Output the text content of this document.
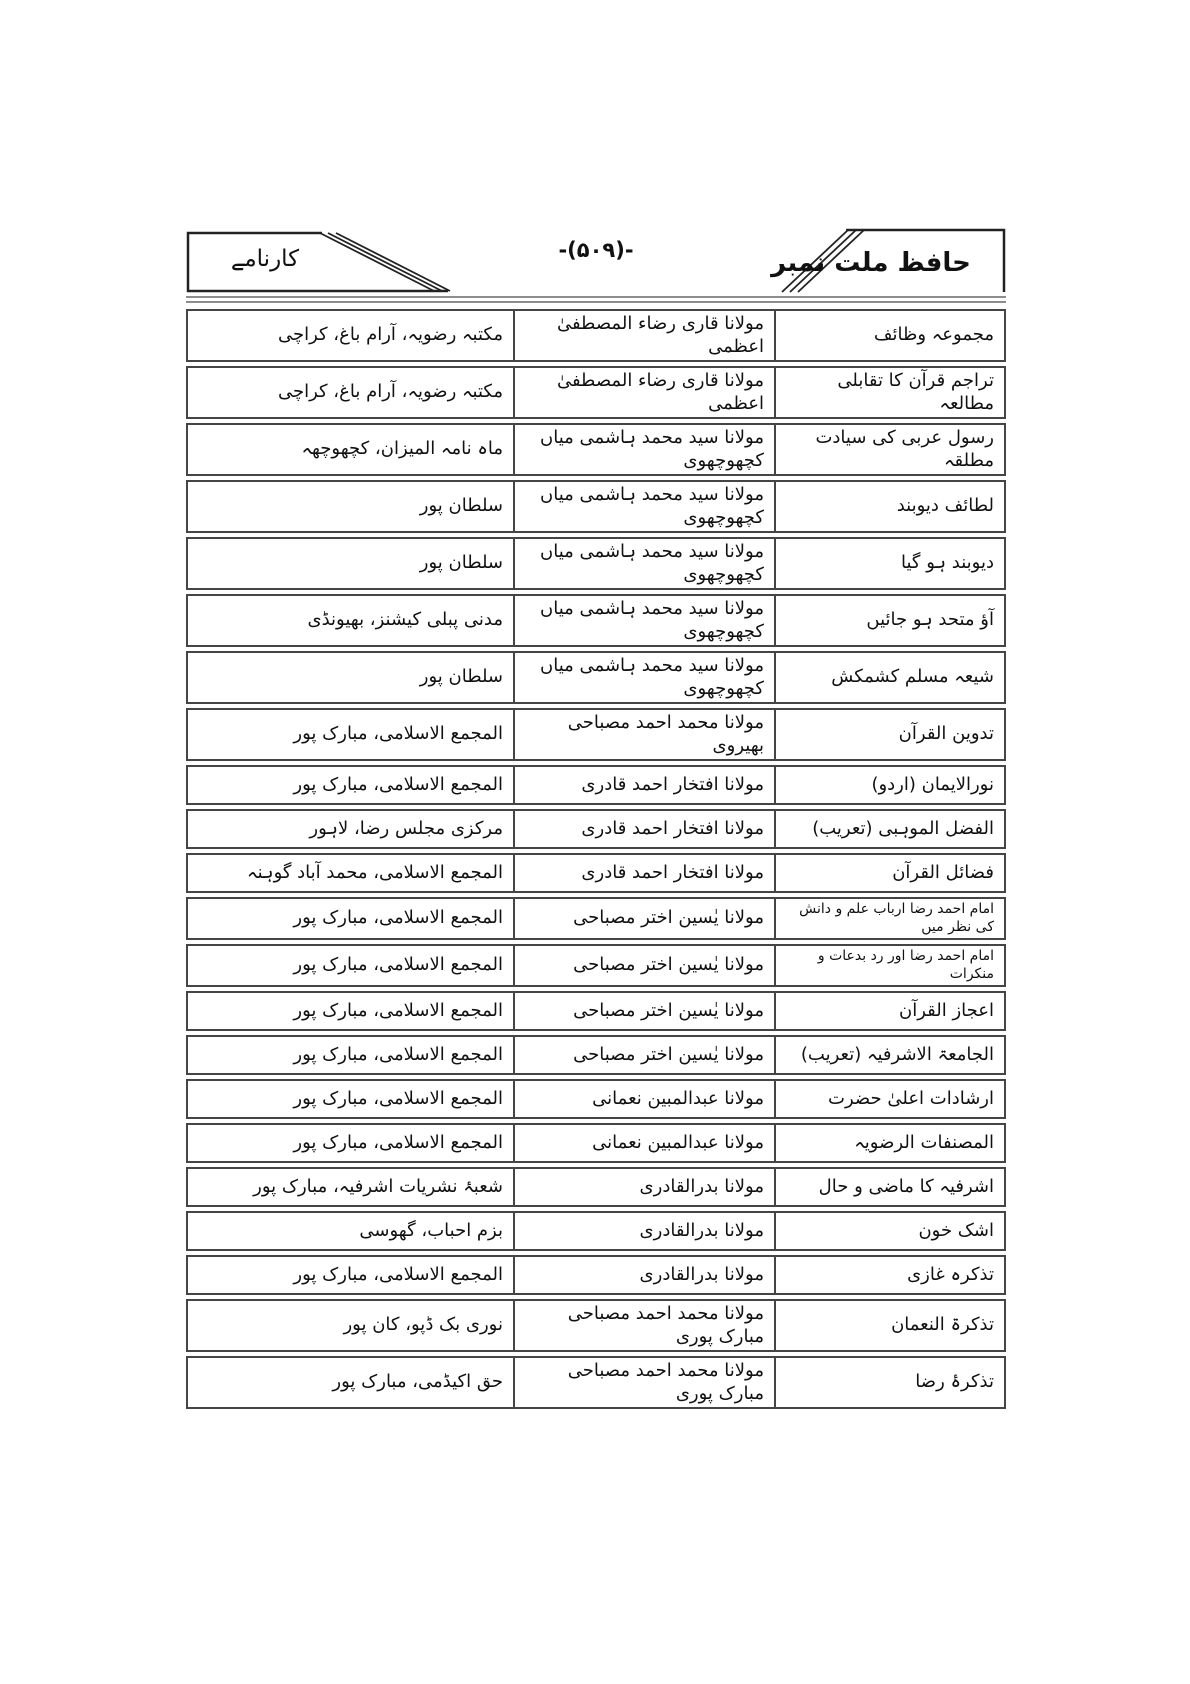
کارنامے	-(۵۰۹)-	حافظ ملت نمبر
مجموعہ وظائف	مولانا قاری رضاء المصطفیٰ اعظمی	مکتبہ رضویہ، آرام باغ، کراچی
تراجم قرآن کا تقابلی مطالعہ	مولانا قاری رضاء المصطفیٰ اعظمی	مکتبہ رضویہ، آرام باغ، کراچی
رسول عربی کی سیادت مطلقہ	مولانا سید محمد ہاشمی میاں کچھوچھوی	ماہ نامہ المیزان، کچھوچھہ
لطائف دیوبند	مولانا سید محمد ہاشمی میاں کچھوچھوی	سلطان پور
دیوبند ہو گیا	مولانا سید محمد ہاشمی میاں کچھوچھوی	سلطان پور
آؤ متحد ہو جائیں	مولانا سید محمد ہاشمی میاں کچھوچھوی	مدنی پبلی کیشنز، بھیونڈی
شیعہ مسلم کشمکش	مولانا سید محمد ہاشمی میاں کچھوچھوی	سلطان پور
تدوین القرآن	مولانا محمد احمد مصباحی بھیروی	المجمع الاسلامی، مبارک پور
نورالایمان (اردو)	مولانا افتخار احمد قادری	المجمع الاسلامی، مبارک پور
الفضل الموہبی (تعریب)	مولانا افتخار احمد قادری	مرکزی مجلس رضا، لاہور
فضائل القرآن	مولانا افتخار احمد قادری	المجمع الاسلامی، محمد آباد گوہنہ
امام احمد رضا ارباب علم و دانش کی نظر میں	مولانا یٰسین اختر مصباحی	المجمع الاسلامی، مبارک پور
امام احمد رضا اور رد بدعات و منکرات	مولانا یٰسین اختر مصباحی	المجمع الاسلامی، مبارک پور
اعجاز القرآن	مولانا یٰسین اختر مصباحی	المجمع الاسلامی، مبارک پور
الجامعۃ الاشرفیہ (تعریب)	مولانا یٰسین اختر مصباحی	المجمع الاسلامی، مبارک پور
ارشادات اعلیٰ حضرت	مولانا عبدالمبین نعمانی	المجمع الاسلامی، مبارک پور
المصنفات الرضویہ	مولانا عبدالمبین نعمانی	المجمع الاسلامی، مبارک پور
اشرفیہ کا ماضی و حال	مولانا بدرالقادری	شعبۂ نشریات اشرفیہ، مبارک پور
اشک خون	مولانا بدرالقادری	بزم احباب، گھوسی
تذکرہ غازی	مولانا بدرالقادری	المجمع الاسلامی، مبارک پور
تذکرۃ النعمان	مولانا محمد احمد مصباحی مبارک پوری	نوری بک ڈپو، کان پور
تذکرۂ رضا	مولانا محمد احمد مصباحی مبارک پوری	حق اکیڈمی، مبارک پور
